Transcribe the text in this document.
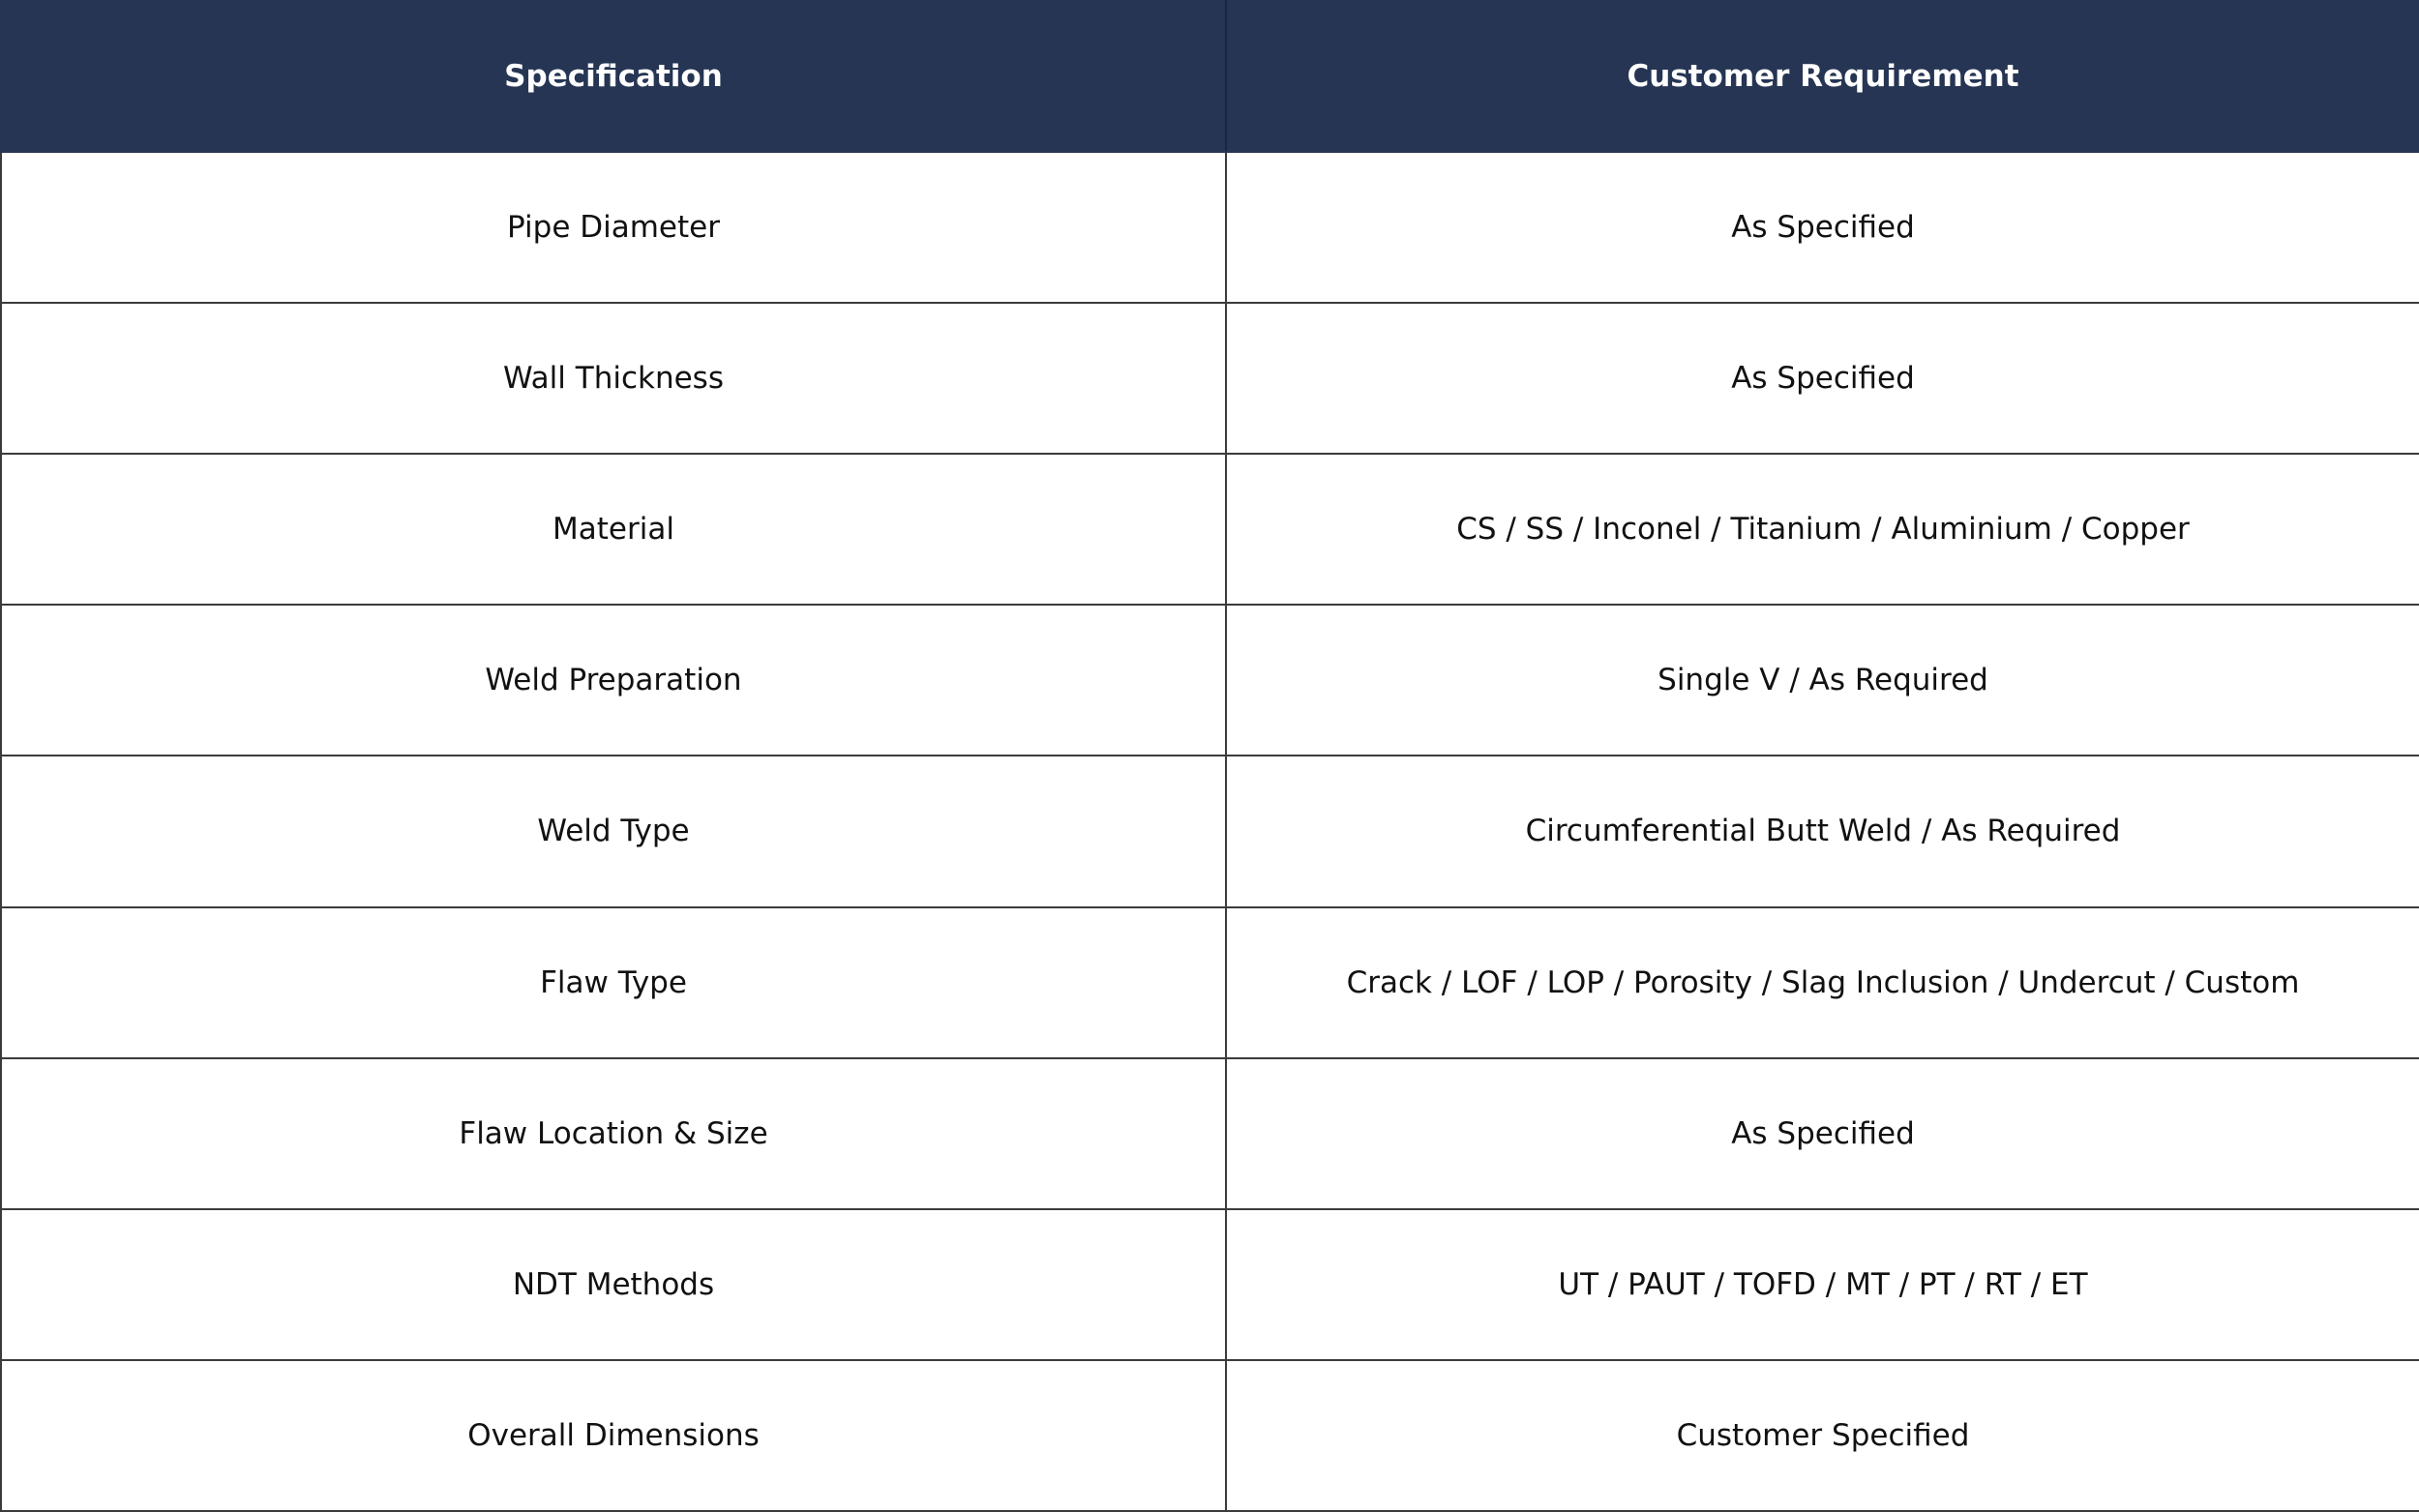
Specification	Customer Requirement
Pipe Diameter	As Specified
Wall Thickness	As Specified
Material	CS / SS / Inconel / Titanium / Aluminium / Copper
Weld Preparation	Single V / As Required
Weld Type	Circumferential Butt Weld / As Required
Flaw Type	Crack / LOF / LOP / Porosity / Slag Inclusion / Undercut / Custom
Flaw Location & Size	As Specified
NDT Methods	UT / PAUT / TOFD / MT / PT / RT / ET
Overall Dimensions	Customer Specified
